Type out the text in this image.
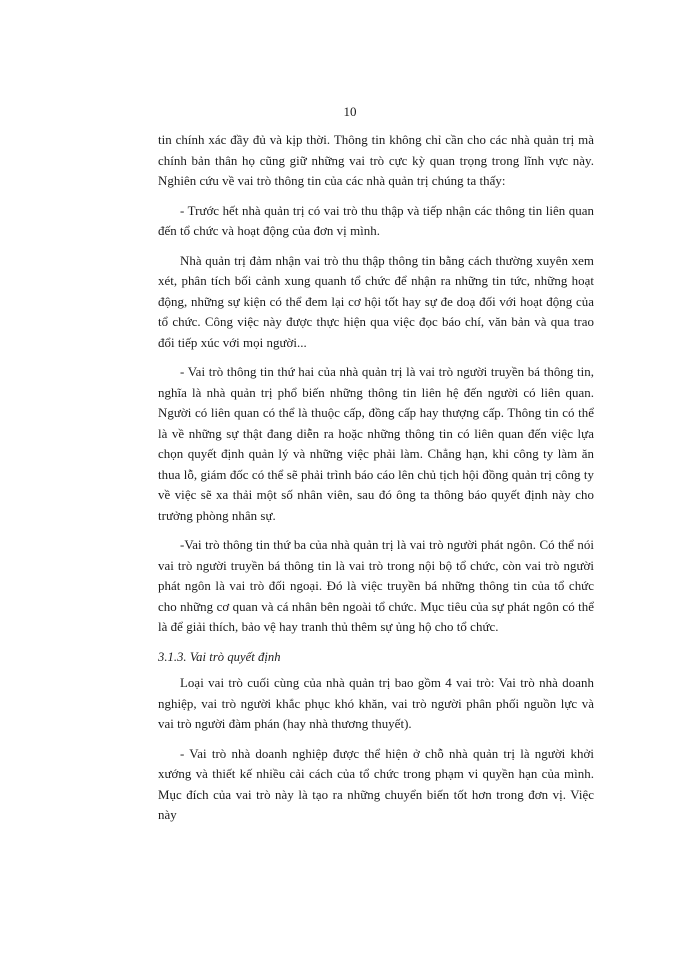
10

tin chính xác đầy đủ và kịp thời. Thông tin không chỉ cần cho các nhà quản trị mà chính bản thân họ cũng giữ những vai trò cực kỳ quan trọng trong lĩnh vực này. Nghiên cứu về vai trò thông tin của các nhà quản trị chúng ta thấy:

- Trước hết nhà quản trị có vai trò thu thập và tiếp nhận các thông tin liên quan đến tổ chức và hoạt động của đơn vị mình.

Nhà quản trị đảm nhận vai trò thu thập thông tin bằng cách thường xuyên xem xét, phân tích bối cảnh xung quanh tổ chức để nhận ra những tin tức, những hoạt động, những sự kiện có thể đem lại cơ hội tốt hay sự đe doạ đối với hoạt động của tổ chức. Công việc này được thực hiện qua việc đọc báo chí, văn bản và qua trao đổi tiếp xúc với mọi người...

- Vai trò thông tin thứ hai của nhà quản trị là vai trò người truyền bá thông tin, nghĩa là nhà quản trị phổ biến những thông tin liên hệ đến người có liên quan. Người có liên quan có thể là thuộc cấp, đồng cấp hay thượng cấp. Thông tin có thể là về những sự thật đang diễn ra hoặc những thông tin có liên quan đến việc lựa chọn quyết định quản lý và những việc phải làm. Chẳng hạn, khi công ty làm ăn thua lỗ, giám đốc có thể sẽ phải trình báo cáo lên chủ tịch hội đồng quản trị công ty về việc sẽ xa thải một số nhân viên, sau đó ông ta thông báo quyết định này cho trưởng phòng nhân sự.

-Vai trò thông tin thứ ba của nhà quản trị là vai trò người phát ngôn. Có thể nói vai trò người truyền bá thông tin là vai trò trong nội bộ tổ chức, còn vai trò người phát ngôn là vai trò đối ngoại. Đó là việc truyền bá những thông tin của tổ chức cho những cơ quan và cá nhân bên ngoài tổ chức. Mục tiêu của sự phát ngôn có thể là để giải thích, bảo vệ hay tranh thủ thêm sự ủng hộ cho tổ chức.

3.1.3. Vai trò quyết định

Loại vai trò cuối cùng của nhà quản trị bao gồm 4 vai trò: Vai trò nhà doanh nghiệp, vai trò người khắc phục khó khăn, vai trò người phân phối nguồn lực và vai trò người đàm phán (hay nhà thương thuyết).

- Vai trò nhà doanh nghiệp được thể hiện ở chỗ nhà quản trị là người khởi xướng và thiết kế nhiều cải cách của tổ chức trong phạm vi quyền hạn của mình. Mục đích của vai trò này là tạo ra những chuyển biến tốt hơn trong đơn vị. Việc này
